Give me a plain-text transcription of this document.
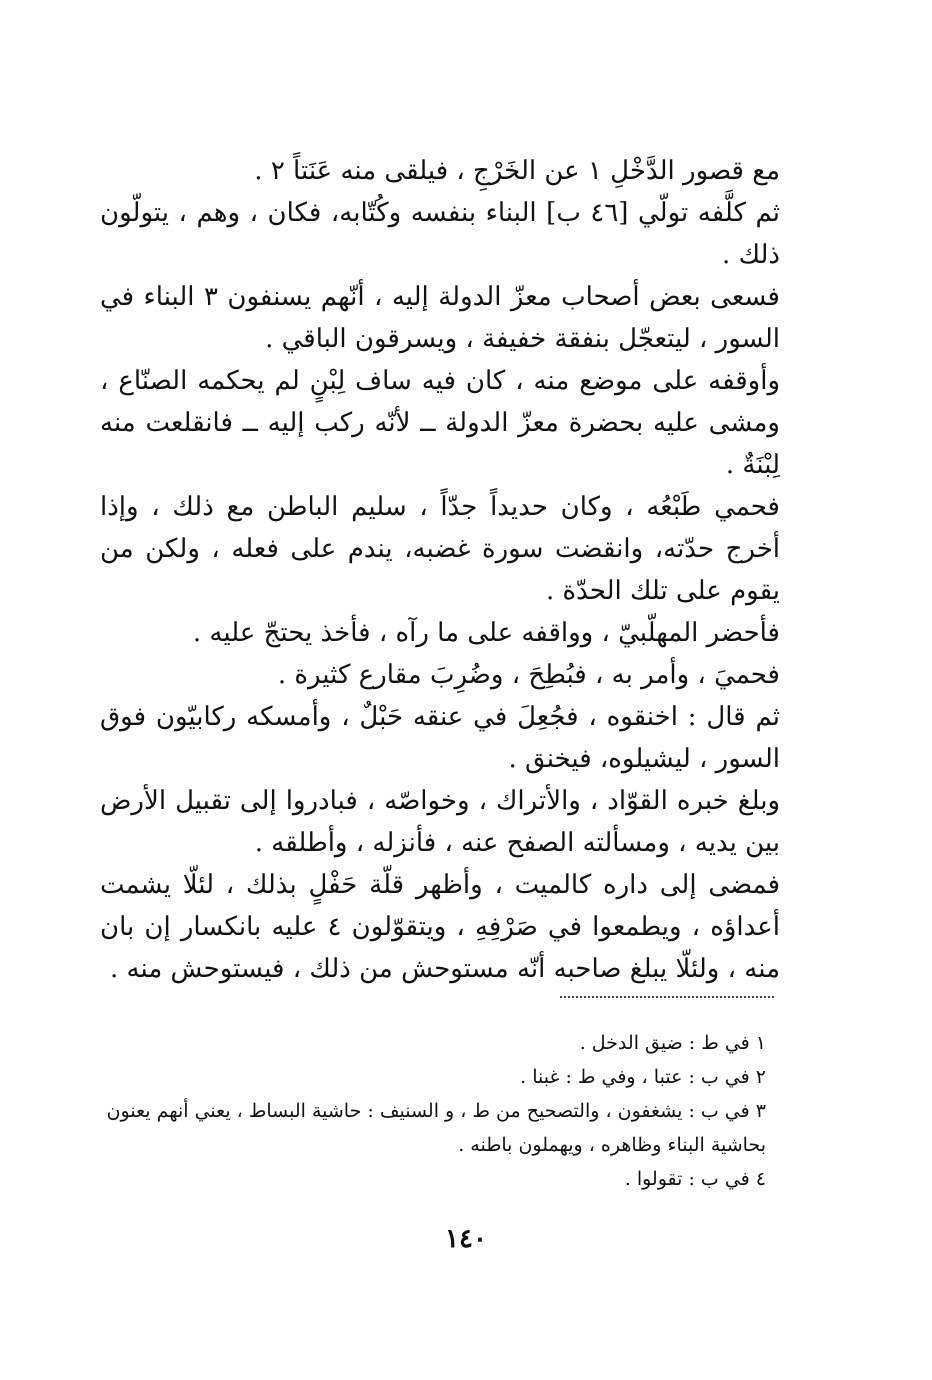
مع قصور الدَّخْلِ ١ عن الخَرْجِ ، فيلقى منه عَنَتاً ٢ .

ثم كلَّفه تولّي [٤٦ ب] البناء بنفسه وكُتّابه، فكان ، وهم ، يتولّون ذلك .

فسعى بعض أصحاب معزّ الدولة إليه ، أنّهم يسنفون ٣ البناء في السور ، ليتعجّل بنفقة خفيفة ، ويسرقون الباقي .

وأوقفه على موضع منه ، كان فيه ساف لِبْنٍ لم يحكمه الصنّاع ، ومشى عليه بحضرة معزّ الدولة ــ لأنّه ركب إليه ــ فانقلعت منه لِبْنَةٌ .

فحمي طَبْعُه ، وكان حديداً جدّاً ، سليم الباطن مع ذلك ، وإذا أخرج حدّته، وانقضت سورة غضبه، يندم على فعله ، ولكن من يقوم على تلك الحدّة .

فأحضر المهلّبيّ ، وواقفه على ما رآه ، فأخذ يحتجّ عليه .

فحميَ ، وأمر به ، فبُطِحَ ، وضُرِبَ مقارع كثيرة .

ثم قال : اخنقوه ، فجُعِلَ في عنقه حَبْلٌ ، وأمسكه ركابيّون فوق السور ، ليشيلوه، فيخنق .

وبلغ خبره القوّاد ، والأتراك ، وخواصّه ، فبادروا إلى تقبيل الأرض بين يديه ، ومسألته الصفح عنه ، فأنزله ، وأطلقه .

فمضى إلى داره كالميت ، وأظهر قلّة حَفْلٍ بذلك ، لئلّا يشمت أعداؤه ، ويطمعوا في صَرْفِهِ ، ويتقوّلون ٤ عليه بانكسار إن بان منه ، ولئلّا يبلغ صاحبه أنّه مستوحش من ذلك ، فيستوحش منه .

١ في ط : ضيق الدخل .

٢ في ب : عتبا ، وفي ط : غبنا .

٣ في ب : يشغفون ، والتصحيح من ط ، و السنيف : حاشية البساط ، يعني أنهم يعنون بحاشية البناء وظاهره ، ويهملون باطنه .

٤ في ب : تقولوا .

١٤٠
